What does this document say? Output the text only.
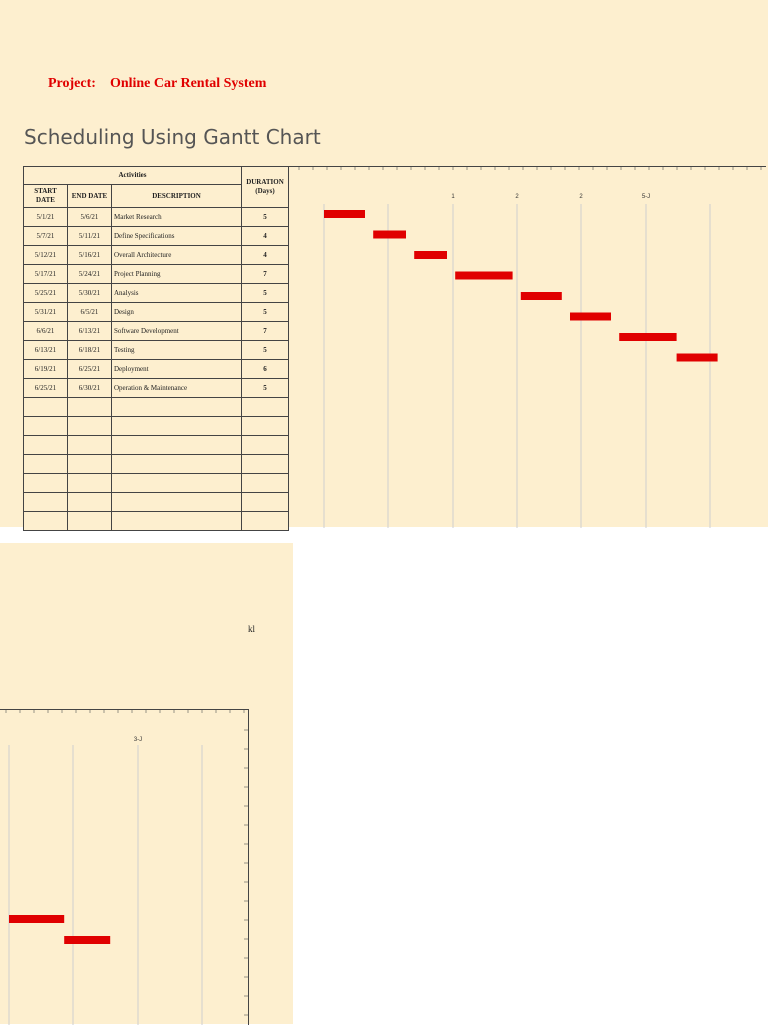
Project: Online Car Rental System
Scheduling Using Gantt Chart
Activities			DURATION (Days)
START DATE	END DATE	DESCRIPTION	
5/1/21	5/6/21	Market Research	5
5/7/21	5/11/21	Define Specifications	4
5/12/21	5/16/21	Overall Architecture	4
5/17/21	5/24/21	Project Planning	7
5/25/21	5/30/21	Analysis	5
5/31/21	6/5/21	Design	5
6/6/21	6/13/21	Software Development	7
6/13/21	6/18/21	Testing	5
6/19/21	6/25/21	Deployment	6
6/25/21	6/30/21	Operation & Maintenance	5

1	2	2	5-J
kl
3-J
